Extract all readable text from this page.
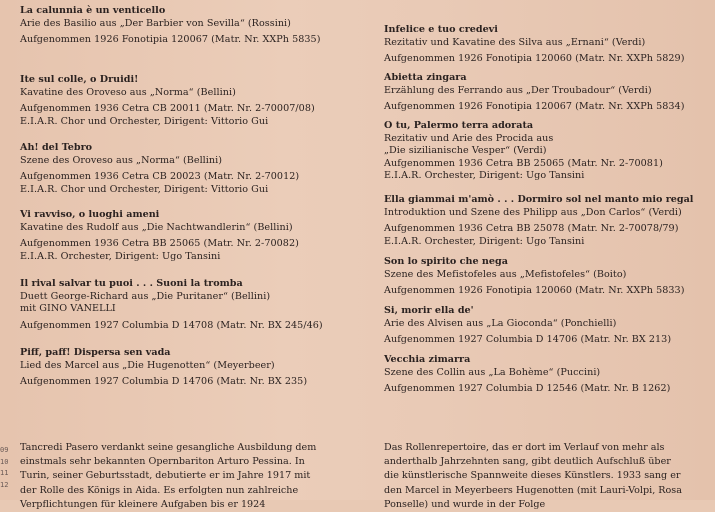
La calunnia è un venticello
Arie des Basilio aus „Der Barbier von Sevilla“ (Rossini)
Aufgenommen 1926 Fonotipia 120067 (Matr. Nr. XXPh 5835)
Ite sul colle, o Druidi!
Kavatine des Oroveso aus „Norma“ (Bellini)
Aufgenommen 1936 Cetra CB 20011 (Matr. Nr. 2-70007/08)
E.I.A.R. Chor und Orchester, Dirigent: Vittorio Gui
Ah! del Tebro
Szene des Oroveso aus „Norma“ (Bellini)
Aufgenommen 1936 Cetra CB 20023 (Matr. Nr. 2-70012)
E.I.A.R. Chor und Orchester, Dirigent: Vittorio Gui
Vi ravviso, o luoghi ameni
Kavatine des Rudolf aus „Die Nachtwandlerin“ (Bellini)
Aufgenommen 1936 Cetra BB 25065 (Matr. Nr. 2-70082)
E.I.A.R. Orchester, Dirigent: Ugo Tansini
Il rival salvar tu puoi . . . Suoni la tromba
Duett George-Richard aus „Die Puritaner“ (Bellini)
mit GINO VANELLI
Aufgenommen 1927 Columbia D 14708 (Matr. Nr. BX 245/46)
Piff, paff! Dispersa sen vada
Lied des Marcel aus „Die Hugenotten“ (Meyerbeer)
Aufgenommen 1927 Columbia D 14706 (Matr. Nr. BX 235)
Infelice e tuo credevi
Rezitativ und Kavatine des Silva aus „Ernani“ (Verdi)
Aufgenommen 1926 Fonotipia 120060 (Matr. Nr. XXPh 5829)
Abietta zingara
Erzählung des Ferrando aus „Der Troubadour“ (Verdi)
Aufgenommen 1926 Fonotipia 120067 (Matr. Nr. XXPh 5834)
O tu, Palermo terra adorata
Rezitativ und Arie des Procida aus
„Die sizilianische Vesper“ (Verdi)
Aufgenommen 1936 Cetra BB 25065 (Matr. Nr. 2-70081)
E.I.A.R. Orchester, Dirigent: Ugo Tansini
Ella giammai m'amò . . . Dormiro sol nel manto mio regal
Introduktion und Szene des Philipp aus „Don Carlos“ (Verdi)
Aufgenommen 1936 Cetra BB 25078 (Matr. Nr. 2-70078/79)
E.I.A.R. Orchester, Dirigent: Ugo Tansini
Son lo spirito che nega
Szene des Mefistofeles aus „Mefistofeles“ (Boito)
Aufgenommen 1926 Fonotipia 120060 (Matr. Nr. XXPh 5833)
Si, morir ella de'
Arie des Alvisen aus „La Gioconda“ (Ponchielli)
Aufgenommen 1927 Columbia D 14706 (Matr. Nr. BX 213)
Vecchia zimarra
Szene des Collin aus „La Bohème“ (Puccini)
Aufgenommen 1927 Columbia D 12546 (Matr. Nr. B 1262)
09
10
11
12
Tancredi Pasero verdankt seine gesangliche Ausbildung dem
einstmals sehr bekannten Opernbariton Arturo Pessina. In
Turin, seiner Geburtsstadt, debutierte er im Jahre 1917 mit
der Rolle des Königs in Aida. Es erfolgten nun zahlreiche
Verpflichtungen für kleinere Aufgaben bis er 1924
Das Rollenrepertoire, das er dort im Verlauf von mehr als
anderthalb Jahrzehnten sang, gibt deutlich Aufschluß über
die künstlerische Spannweite dieses Künstlers. 1933 sang er
den Marcel in Meyerbeers Hugenotten (mit Lauri-Volpi, Rosa
Ponselle) und wurde in der Folge
